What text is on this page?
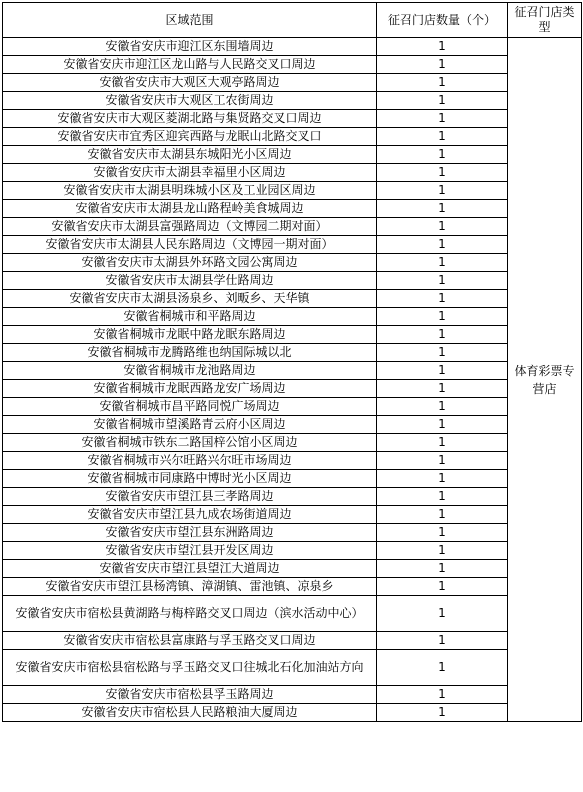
区域范围	征召门店数量（个）	征召门店类型
安徽省安庆市迎江区东围墙周边	1	体育彩票专营店
安徽省安庆市迎江区龙山路与人民路交叉口周边	1	
安徽省安庆市大观区大观亭路周边	1	
安徽省安庆市大观区工农街周边	1	
安徽省安庆市大观区菱湖北路与集贤路交叉口周边	1	
安徽省安庆市宜秀区迎宾西路与龙眠山北路交叉口	1	
安徽省安庆市太湖县东城阳光小区周边	1	
安徽省安庆市太湖县幸福里小区周边	1	
安徽省安庆市太湖县明珠城小区及工业园区周边	1	
安徽省安庆市太湖县龙山路程岭美食城周边	1	
安徽省安庆市太湖县富强路周边（文博园二期对面）	1	
安徽省安庆市太湖县人民东路周边（文博园一期对面）	1	
安徽省安庆市太湖县外环路文园公寓周边	1	
安徽省安庆市太湖县学仕路周边	1	
安徽省安庆市太湖县汤泉乡、刘畈乡、天华镇	1	
安徽省桐城市和平路周边	1	
安徽省桐城市龙眠中路龙眠东路周边	1	
安徽省桐城市龙腾路维也纳国际城以北	1	
安徽省桐城市龙池路周边	1	
安徽省桐城市龙眠西路龙安广场周边	1	
安徽省桐城市昌平路同悦广场周边	1	
安徽省桐城市望溪路青云府小区周边	1	
安徽省桐城市铁东二路国梓公馆小区周边	1	
安徽省桐城市兴尔旺路兴尔旺市场周边	1	
安徽省桐城市同康路中博时光小区周边	1	
安徽省安庆市望江县三孝路周边	1	
安徽省安庆市望江县九成农场街道周边	1	
安徽省安庆市望江县东洲路周边	1	
安徽省安庆市望江县开发区周边	1	
安徽省安庆市望江县望江大道周边	1	
安徽省安庆市望江县杨湾镇、漳湖镇、雷池镇、凉泉乡	1	
安徽省安庆市宿松县黄湖路与梅梓路交叉口周边（滨水活动中心）	1	
安徽省安庆市宿松县富康路与孚玉路交叉口周边	1	
安徽省安庆市宿松县宿松路与孚玉路交叉口往城北石化加油站方向	1	
安徽省安庆市宿松县孚玉路周边	1	
安徽省安庆市宿松县人民路粮油大厦周边	1	
